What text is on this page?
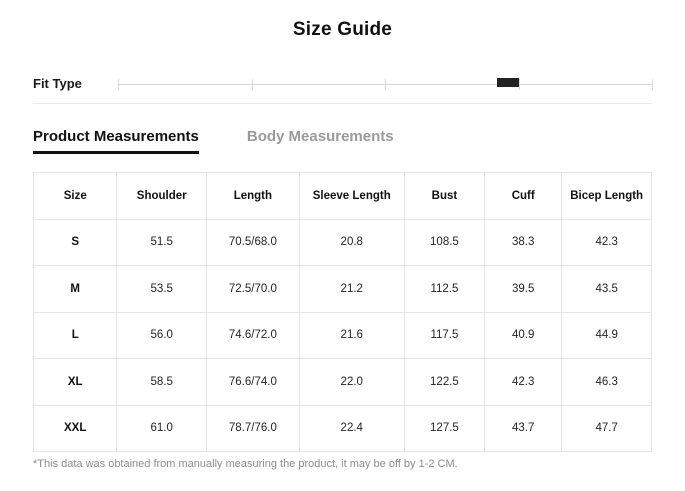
Size Guide
Fit Type
Product Measurements	Body Measurements
Size	Shoulder	Length	Sleeve Length	Bust	Cuff	Bicep Length
S	51.5	70.5/68.0	20.8	108.5	38.3	42.3
M	53.5	72.5/70.0	21.2	112.5	39.5	43.5
L	56.0	74.6/72.0	21.6	117.5	40.9	44.9
XL	58.5	76.6/74.0	22.0	122.5	42.3	46.3
XXL	61.0	78.7/76.0	22.4	127.5	43.7	47.7
*This data was obtained from manually measuring the product, it may be off by 1-2 CM.
